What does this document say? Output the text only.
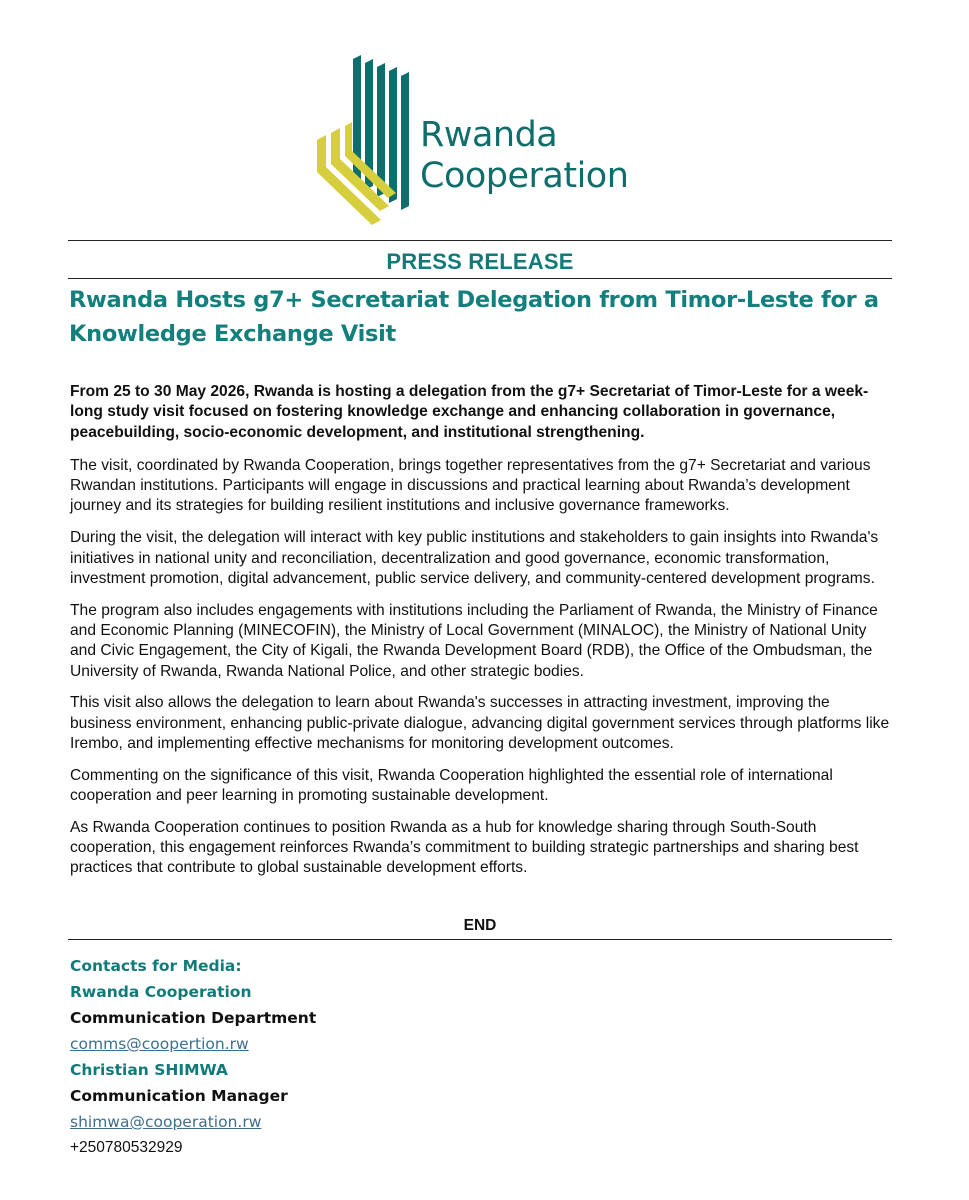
Rwanda
Cooperation
PRESS RELEASE
Rwanda Hosts g7+ Secretariat Delegation from Timor-Leste for a Knowledge Exchange Visit

From 25 to 30 May 2026, Rwanda is hosting a delegation from the g7+ Secretariat of Timor-Leste for a week-long study visit focused on fostering knowledge exchange and enhancing collaboration in governance, peacebuilding, socio-economic development, and institutional strengthening.

The visit, coordinated by Rwanda Cooperation, brings together representatives from the g7+ Secretariat and various Rwandan institutions. Participants will engage in discussions and practical learning about Rwanda’s development journey and its strategies for building resilient institutions and inclusive governance frameworks.

During the visit, the delegation will interact with key public institutions and stakeholders to gain insights into Rwanda's initiatives in national unity and reconciliation, decentralization and good governance, economic transformation, investment promotion, digital advancement, public service delivery, and community-centered development programs.

The program also includes engagements with institutions including the Parliament of Rwanda, the Ministry of Finance and Economic Planning (MINECOFIN), the Ministry of Local Government (MINALOC), the Ministry of National Unity and Civic Engagement, the City of Kigali, the Rwanda Development Board (RDB), the Office of the Ombudsman, the University of Rwanda, Rwanda National Police, and other strategic bodies.

This visit also allows the delegation to learn about Rwanda's successes in attracting investment, improving the business environment, enhancing public-private dialogue, advancing digital government services through platforms like Irembo, and implementing effective mechanisms for monitoring development outcomes.

Commenting on the significance of this visit, Rwanda Cooperation highlighted the essential role of international cooperation and peer learning in promoting sustainable development.

As Rwanda Cooperation continues to position Rwanda as a hub for knowledge sharing through South-South cooperation, this engagement reinforces Rwanda’s commitment to building strategic partnerships and sharing best practices that contribute to global sustainable development efforts.

END
Contacts for Media:
Rwanda Cooperation
Communication Department
comms@coopertion.rw
Christian SHIMWA
Communication Manager
shimwa@cooperation.rw
+250780532929
